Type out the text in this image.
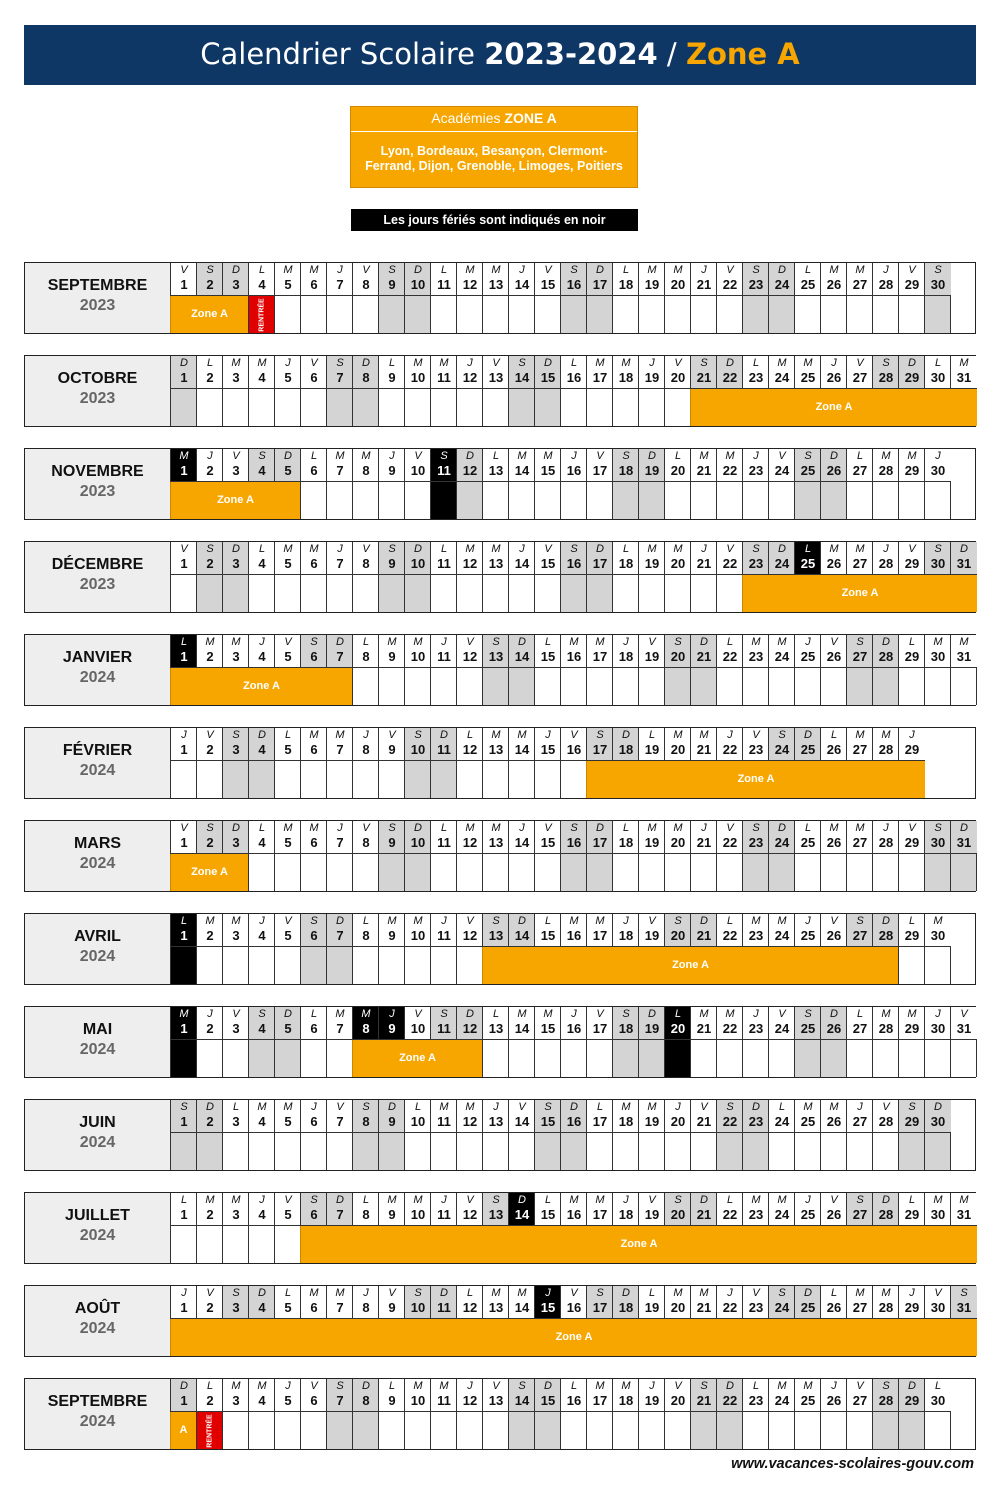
Calendrier Scolaire 2023-2024 / Zone A
Académies ZONE A
Lyon, Bordeaux, Besançon, Clermont-Ferrand, Dijon, Grenoble, Limoges, Poitiers
Les jours fériés sont indiqués en noir
SEPTEMBRE
2023
V
1
S
2
D
3
L
4
M
5
M
6
J
7
V
8
S
9
D
10
L
11
M
12
M
13
J
14
V
15
S
16
D
17
L
18
M
19
M
20
J
21
V
22
S
23
D
24
L
25
M
26
M
27
J
28
V
29
S
30
Zone A	RENTRÉE
OCTOBRE
2023
D
1
L
2
M
3
M
4
J
5
V
6
S
7
D
8
L
9
M
10
M
11
J
12
V
13
S
14
D
15
L
16
M
17
M
18
J
19
V
20
S
21
D
22
L
23
M
24
M
25
J
26
V
27
S
28
D
29
L
30
M
31
Zone A
NOVEMBRE
2023
M
1
J
2
V
3
S
4
D
5
L
6
M
7
M
8
J
9
V
10
S
11
D
12
L
13
M
14
M
15
J
16
V
17
S
18
D
19
L
20
M
21
M
22
J
23
V
24
S
25
D
26
L
27
M
28
M
29
J
30
Zone A
DÉCEMBRE
2023
V
1
S
2
D
3
L
4
M
5
M
6
J
7
V
8
S
9
D
10
L
11
M
12
M
13
J
14
V
15
S
16
D
17
L
18
M
19
M
20
J
21
V
22
S
23
D
24
L
25
M
26
M
27
J
28
V
29
S
30
D
31
Zone A
JANVIER
2024
L
1
M
2
M
3
J
4
V
5
S
6
D
7
L
8
M
9
M
10
J
11
V
12
S
13
D
14
L
15
M
16
M
17
J
18
V
19
S
20
D
21
L
22
M
23
M
24
J
25
V
26
S
27
D
28
L
29
M
30
M
31
Zone A
FÉVRIER
2024
J
1
V
2
S
3
D
4
L
5
M
6
M
7
J
8
V
9
S
10
D
11
L
12
M
13
M
14
J
15
V
16
S
17
D
18
L
19
M
20
M
21
J
22
V
23
S
24
D
25
L
26
M
27
M
28
J
29
Zone A
MARS
2024
V
1
S
2
D
3
L
4
M
5
M
6
J
7
V
8
S
9
D
10
L
11
M
12
M
13
J
14
V
15
S
16
D
17
L
18
M
19
M
20
J
21
V
22
S
23
D
24
L
25
M
26
M
27
J
28
V
29
S
30
D
31
Zone A
AVRIL
2024
L
1
M
2
M
3
J
4
V
5
S
6
D
7
L
8
M
9
M
10
J
11
V
12
S
13
D
14
L
15
M
16
M
17
J
18
V
19
S
20
D
21
L
22
M
23
M
24
J
25
V
26
S
27
D
28
L
29
M
30
Zone A
MAI
2024
M
1
J
2
V
3
S
4
D
5
L
6
M
7
M
8
J
9
V
10
S
11
D
12
L
13
M
14
M
15
J
16
V
17
S
18
D
19
L
20
M
21
M
22
J
23
V
24
S
25
D
26
L
27
M
28
M
29
J
30
V
31
Zone A
JUIN
2024
S
1
D
2
L
3
M
4
M
5
J
6
V
7
S
8
D
9
L
10
M
11
M
12
J
13
V
14
S
15
D
16
L
17
M
18
M
19
J
20
V
21
S
22
D
23
L
24
M
25
M
26
J
27
V
28
S
29
D
30
JUILLET
2024
L
1
M
2
M
3
J
4
V
5
S
6
D
7
L
8
M
9
M
10
J
11
V
12
S
13
D
14
L
15
M
16
M
17
J
18
V
19
S
20
D
21
L
22
M
23
M
24
J
25
V
26
S
27
D
28
L
29
M
30
M
31
Zone A
AOÛT
2024
J
1
V
2
S
3
D
4
L
5
M
6
M
7
J
8
V
9
S
10
D
11
L
12
M
13
M
14
J
15
V
16
S
17
D
18
L
19
M
20
M
21
J
22
V
23
S
24
D
25
L
26
M
27
M
28
J
29
V
30
S
31
Zone A
SEPTEMBRE
2024
D
1
L
2
M
3
M
4
J
5
V
6
S
7
D
8
L
9
M
10
M
11
J
12
V
13
S
14
D
15
L
16
M
17
M
18
J
19
V
20
S
21
D
22
L
23
M
24
M
25
J
26
V
27
S
28
D
29
L
30
A	RENTRÉE
www.vacances-scolaires-gouv.com
